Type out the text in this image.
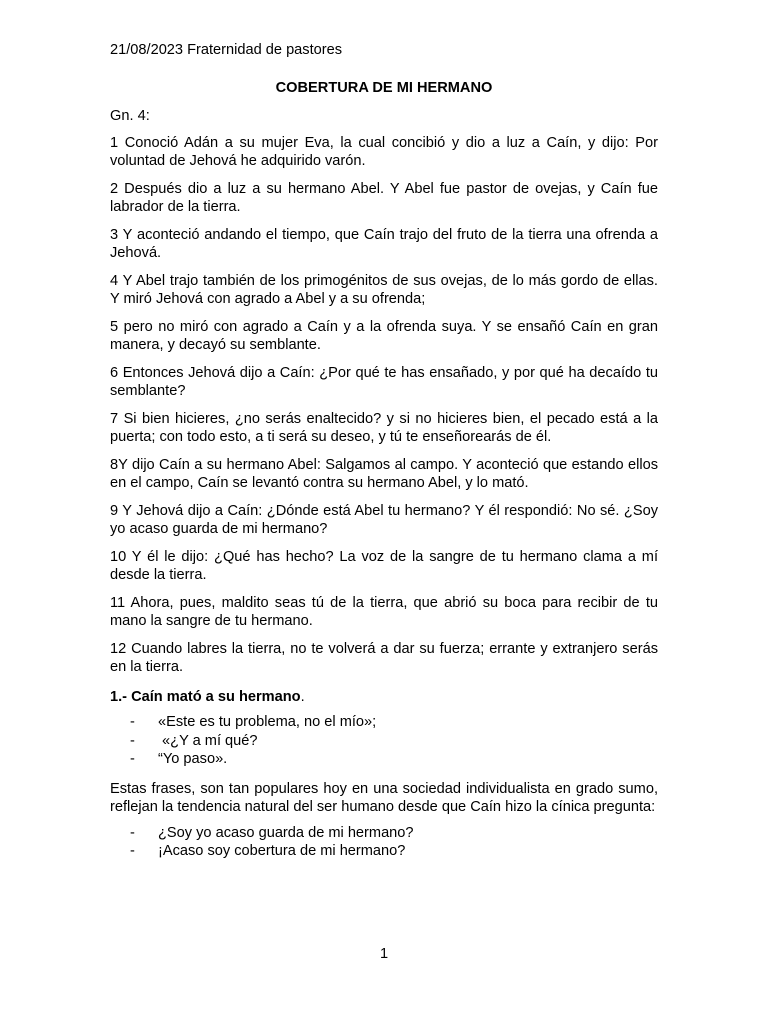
21/08/2023 Fraternidad de pastores

COBERTURA DE MI HERMANO

Gn. 4:

1 Conoció Adán a su mujer Eva, la cual concibió y dio a luz a Caín, y dijo: Por voluntad de Jehová he adquirido varón.

2 Después dio a luz a su hermano Abel. Y Abel fue pastor de ovejas, y Caín fue labrador de la tierra.

3 Y aconteció andando el tiempo, que Caín trajo del fruto de la tierra una ofrenda a Jehová.

4 Y Abel trajo también de los primogénitos de sus ovejas, de lo más gordo de ellas. Y miró Jehová con agrado a Abel y a su ofrenda;

5 pero no miró con agrado a Caín y a la ofrenda suya. Y se ensañó Caín en gran manera, y decayó su semblante.

6 Entonces Jehová dijo a Caín: ¿Por qué te has ensañado, y por qué ha decaído tu semblante?

7 Si bien hicieres, ¿no serás enaltecido? y si no hicieres bien, el pecado está a la puerta; con todo esto, a ti será su deseo, y tú te enseñorearás de él.

8Y dijo Caín a su hermano Abel: Salgamos al campo. Y aconteció que estando ellos en el campo, Caín se levantó contra su hermano Abel, y lo mató.

9 Y Jehová dijo a Caín: ¿Dónde está Abel tu hermano? Y él respondió: No sé. ¿Soy yo acaso guarda de mi hermano?

10 Y él le dijo: ¿Qué has hecho? La voz de la sangre de tu hermano clama a mí desde la tierra.

11 Ahora, pues, maldito seas tú de la tierra, que abrió su boca para recibir de tu mano la sangre de tu hermano.

12 Cuando labres la tierra, no te volverá a dar su fuerza; errante y extranjero serás en la tierra.

1.- Caín mató a su hermano.

-	«Este es tu problema, no el mío»;
-	«¿Y a mí qué?
-	“Yo paso».

Estas frases, son tan populares hoy en una sociedad individualista en grado sumo, reflejan la tendencia natural del ser humano desde que Caín hizo la cínica pregunta:

-	¿Soy yo acaso guarda de mi hermano?
-	¡Acaso soy cobertura de mi hermano?
1
